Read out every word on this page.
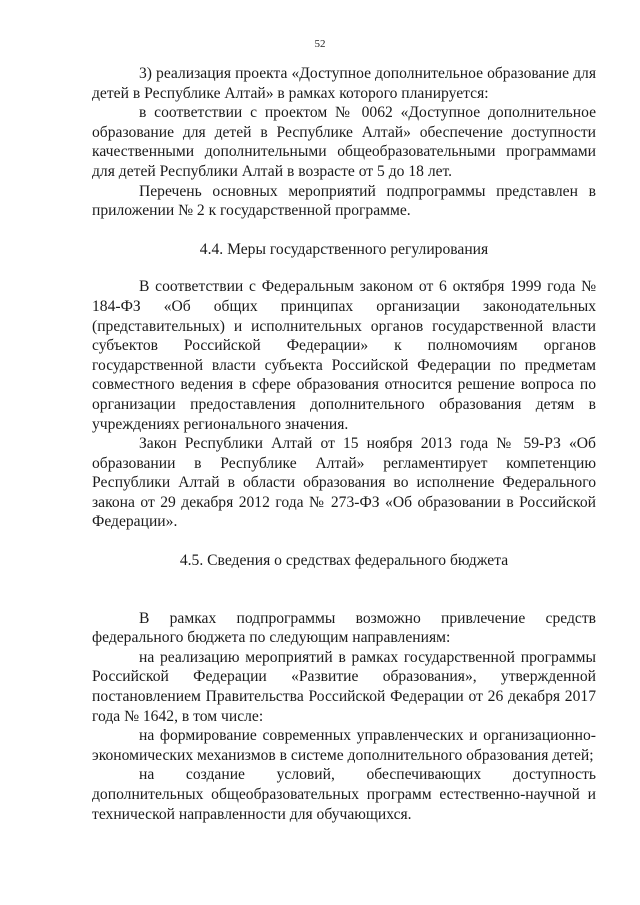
52

3) реализация проекта «Доступное дополнительное образование для детей в Республике Алтай» в рамках которого планируется:

в соответствии с проектом № 0062 «Доступное дополнительное образование для детей в Республике Алтай» обеспечение доступности качественными дополнительными общеобразовательными программами для детей Республики Алтай в возрасте от 5 до 18 лет.

Перечень основных мероприятий подпрограммы представлен в приложении № 2 к государственной программе.

4.4. Меры государственного регулирования

В соответствии с Федеральным законом от 6 октября 1999 года № 184-ФЗ «Об общих принципах организации законодательных (представительных) и исполнительных органов государственной власти субъектов Российской Федерации» к полномочиям органов государственной власти субъекта Российской Федерации по предметам совместного ведения в сфере образования относится решение вопроса по организации предоставления дополнительного образования детям в учреждениях регионального значения.

Закон Республики Алтай от 15 ноября 2013 года № 59-РЗ «Об образовании в Республике Алтай» регламентирует компетенцию Республики Алтай в области образования во исполнение Федерального закона от 29 декабря 2012 года № 273-ФЗ «Об образовании в Российской Федерации».

4.5. Сведения о средствах федерального бюджета

В рамках подпрограммы возможно привлечение средств федерального бюджета по следующим направлениям:

на реализацию мероприятий в рамках государственной программы Российской Федерации «Развитие образования», утвержденной постановлением Правительства Российской Федерации от 26 декабря 2017 года № 1642, в том числе:

на формирование современных управленческих и организационно-экономических механизмов в системе дополнительного образования детей;

на создание условий, обеспечивающих доступность дополнительных общеобразовательных программ естественно-научной и технической направленности для обучающихся.
